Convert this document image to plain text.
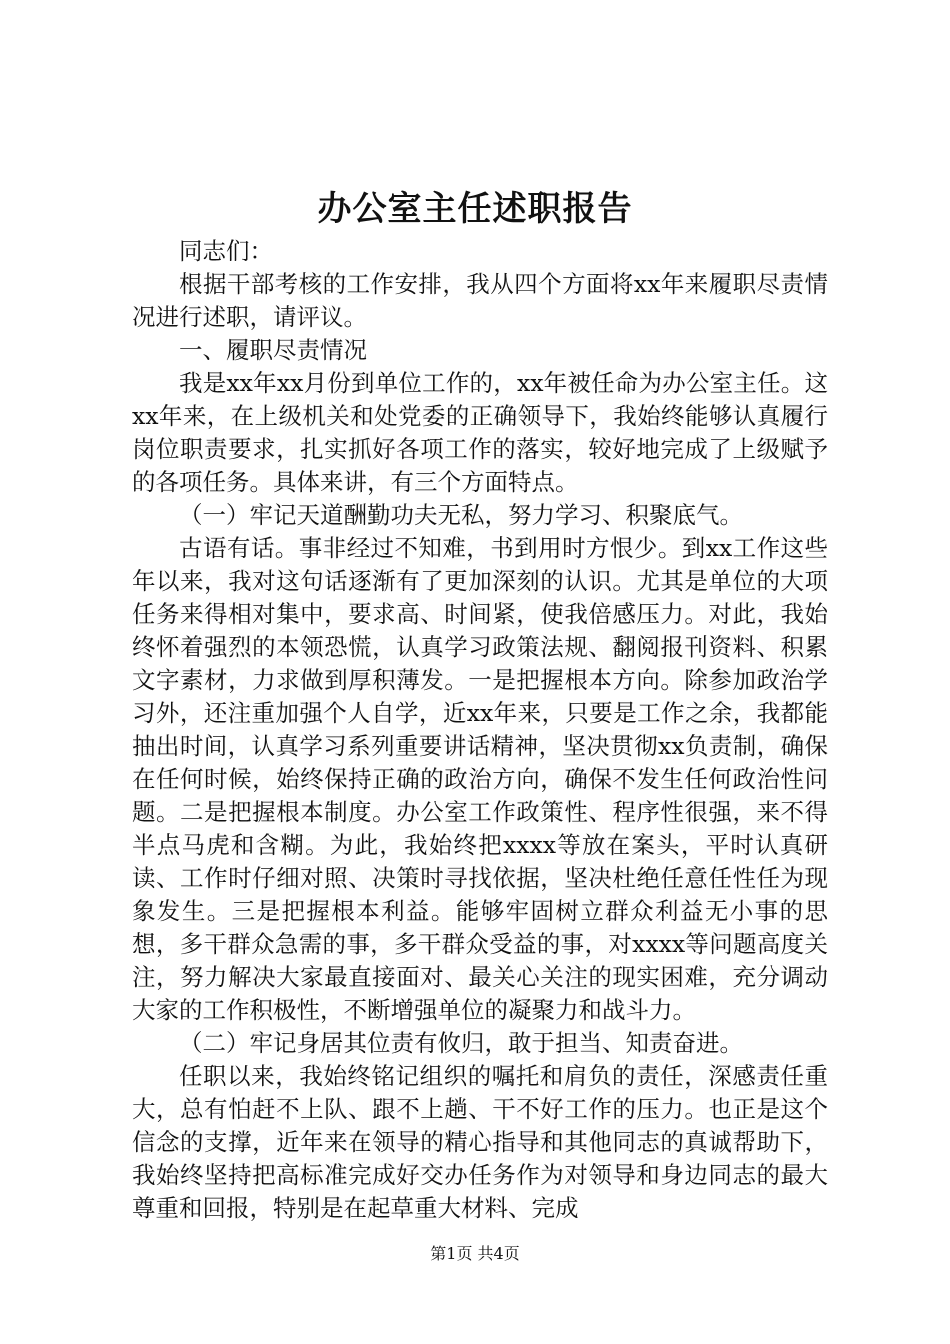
办公室主任述职报告

同志们：

根据干部考核的工作安排，我从四个方面将xx年来履职尽责情况进行述职，请评议。

一、履职尽责情况

我是xx年xx月份到单位工作的，xx年被任命为办公室主任。这xx年来，在上级机关和处党委的正确领导下，我始终能够认真履行岗位职责要求，扎实抓好各项工作的落实，较好地完成了上级赋予的各项任务。具体来讲，有三个方面特点。

（一）牢记天道酬勤功夫无私，努力学习、积聚底气。

古语有话。事非经过不知难，书到用时方恨少。到xx工作这些年以来，我对这句话逐渐有了更加深刻的认识。尤其是单位的大项任务来得相对集中，要求高、时间紧，使我倍感压力。对此，我始终怀着强烈的本领恐慌，认真学习政策法规、翻阅报刊资料、积累文字素材，力求做到厚积薄发。一是把握根本方向。除参加政治学习外，还注重加强个人自学，近xx年来，只要是工作之余，我都能抽出时间，认真学习系列重要讲话精神，坚决贯彻xx负责制，确保在任何时候，始终保持正确的政治方向，确保不发生任何政治性问题。二是把握根本制度。办公室工作政策性、程序性很强，来不得半点马虎和含糊。为此，我始终把xxxx等放在案头，平时认真研读、工作时仔细对照、决策时寻找依据，坚决杜绝任意任性任为现象发生。三是把握根本利益。能够牢固树立群众利益无小事的思想，多干群众急需的事，多干群众受益的事，对xxxx等问题高度关注，努力解决大家最直接面对、最关心关注的现实困难，充分调动大家的工作积极性，不断增强单位的凝聚力和战斗力。

（二）牢记身居其位责有攸归，敢于担当、知责奋进。

任职以来，我始终铭记组织的嘱托和肩负的责任，深感责任重大，总有怕赶不上队、跟不上趟、干不好工作的压力。也正是这个信念的支撑，近年来在领导的精心指导和其他同志的真诚帮助下，我始终坚持把高标准完成好交办任务作为对领导和身边同志的最大尊重和回报，特别是在起草重大材料、完成

第1页 共4页
